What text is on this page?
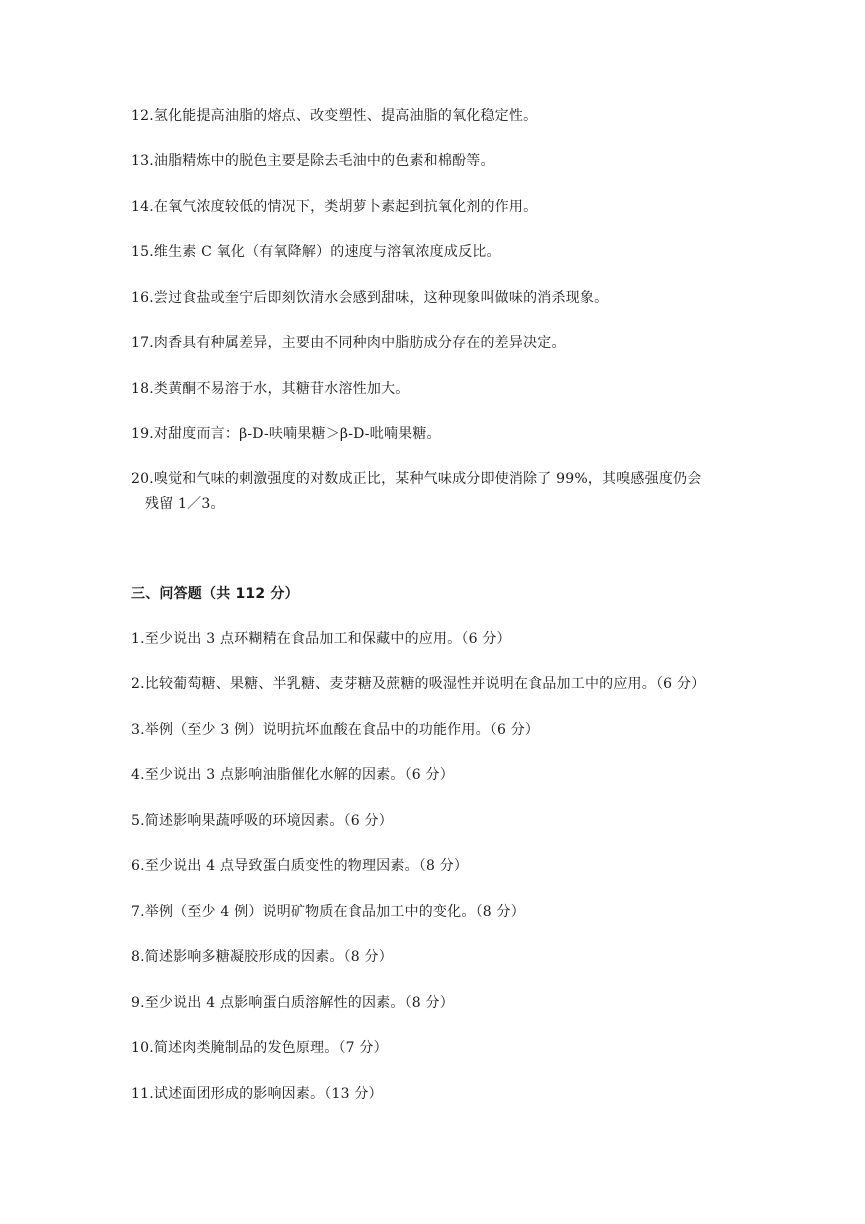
12.氢化能提高油脂的熔点、改变塑性、提高油脂的氧化稳定性。
13.油脂精炼中的脱色主要是除去毛油中的色素和棉酚等。
14.在氧气浓度较低的情况下，类胡萝卜素起到抗氧化剂的作用。
15.维生素 C 氧化（有氧降解）的速度与溶氧浓度成反比。
16.尝过食盐或奎宁后即刻饮清水会感到甜味，这种现象叫做味的消杀现象。
17.肉香具有种属差异，主要由不同种肉中脂肪成分存在的差异决定。
18.类黄酮不易溶于水，其糖苷水溶性加大。
19.对甜度而言：β-D-呋喃果糖＞β-D-吡喃果糖。
20.嗅觉和气味的刺激强度的对数成正比，某种气味成分即使消除了 99%，其嗅感强度仍会
残留 1／3。
三、问答题（共 112 分）
1.至少说出 3 点环糊精在食品加工和保藏中的应用。（6 分）
2.比较葡萄糖、果糖、半乳糖、麦芽糖及蔗糖的吸湿性并说明在食品加工中的应用。（6 分）
3.举例（至少 3 例）说明抗坏血酸在食品中的功能作用。（6 分）
4.至少说出 3 点影响油脂催化水解的因素。（6 分）
5.简述影响果蔬呼吸的环境因素。（6 分）
6.至少说出 4 点导致蛋白质变性的物理因素。（8 分）
7.举例（至少 4 例）说明矿物质在食品加工中的变化。（8 分）
8.简述影响多糖凝胶形成的因素。（8 分）
9.至少说出 4 点影响蛋白质溶解性的因素。（8 分）
10.简述肉类腌制品的发色原理。（7 分）
11.试述面团形成的影响因素。（13 分）
